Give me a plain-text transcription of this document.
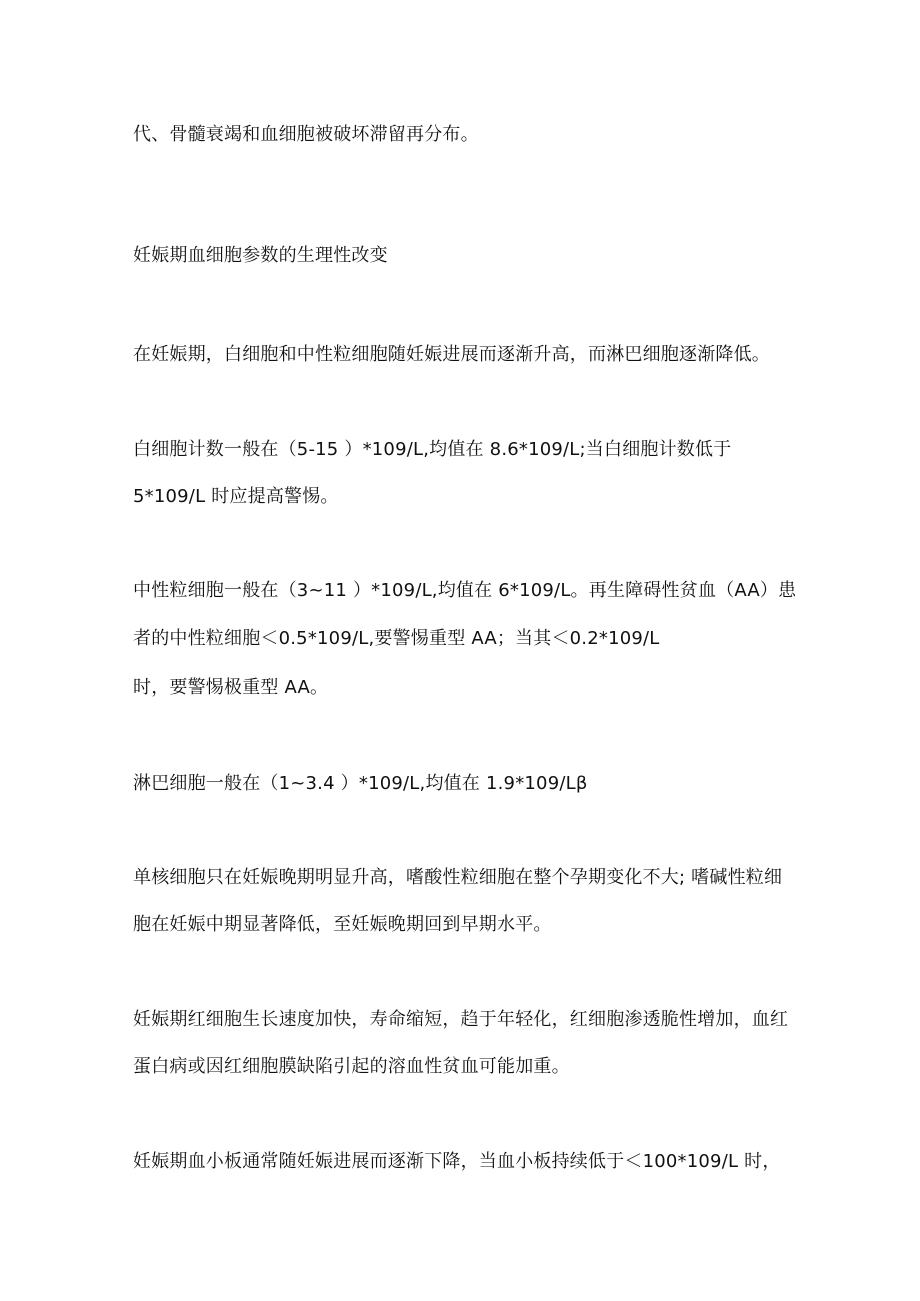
代、骨髓衰竭和血细胞被破坏滞留再分布。
妊娠期血细胞参数的生理性改变
在妊娠期，白细胞和中性粒细胞随妊娠进展而逐渐升高，而淋巴细胞逐渐降低。
白细胞计数一般在（5-15 ）*109/L,均值在 8.6*109/L;当白细胞计数低于
5*109/L 时应提高警惕。
中性粒细胞一般在（3~11 ）*109/L,均值在 6*109/L。再生障碍性贫血（AA）患
者的中性粒细胞＜0.5*109/L,要警惕重型 AA；当其＜0.2*109/L
时，要警惕极重型 AA。
淋巴细胞一般在（1~3.4 ）*109/L,均值在 1.9*109/Lβ
单核细胞只在妊娠晚期明显升高，嗜酸性粒细胞在整个孕期变化不大; 嗜碱性粒细
胞在妊娠中期显著降低，至妊娠晚期回到早期水平。
妊娠期红细胞生长速度加快，寿命缩短，趋于年轻化，红细胞渗透脆性增加，血红
蛋白病或因红细胞膜缺陷引起的溶血性贫血可能加重。
妊娠期血小板通常随妊娠进展而逐渐下降，当血小板持续低于＜100*109/L 时，
